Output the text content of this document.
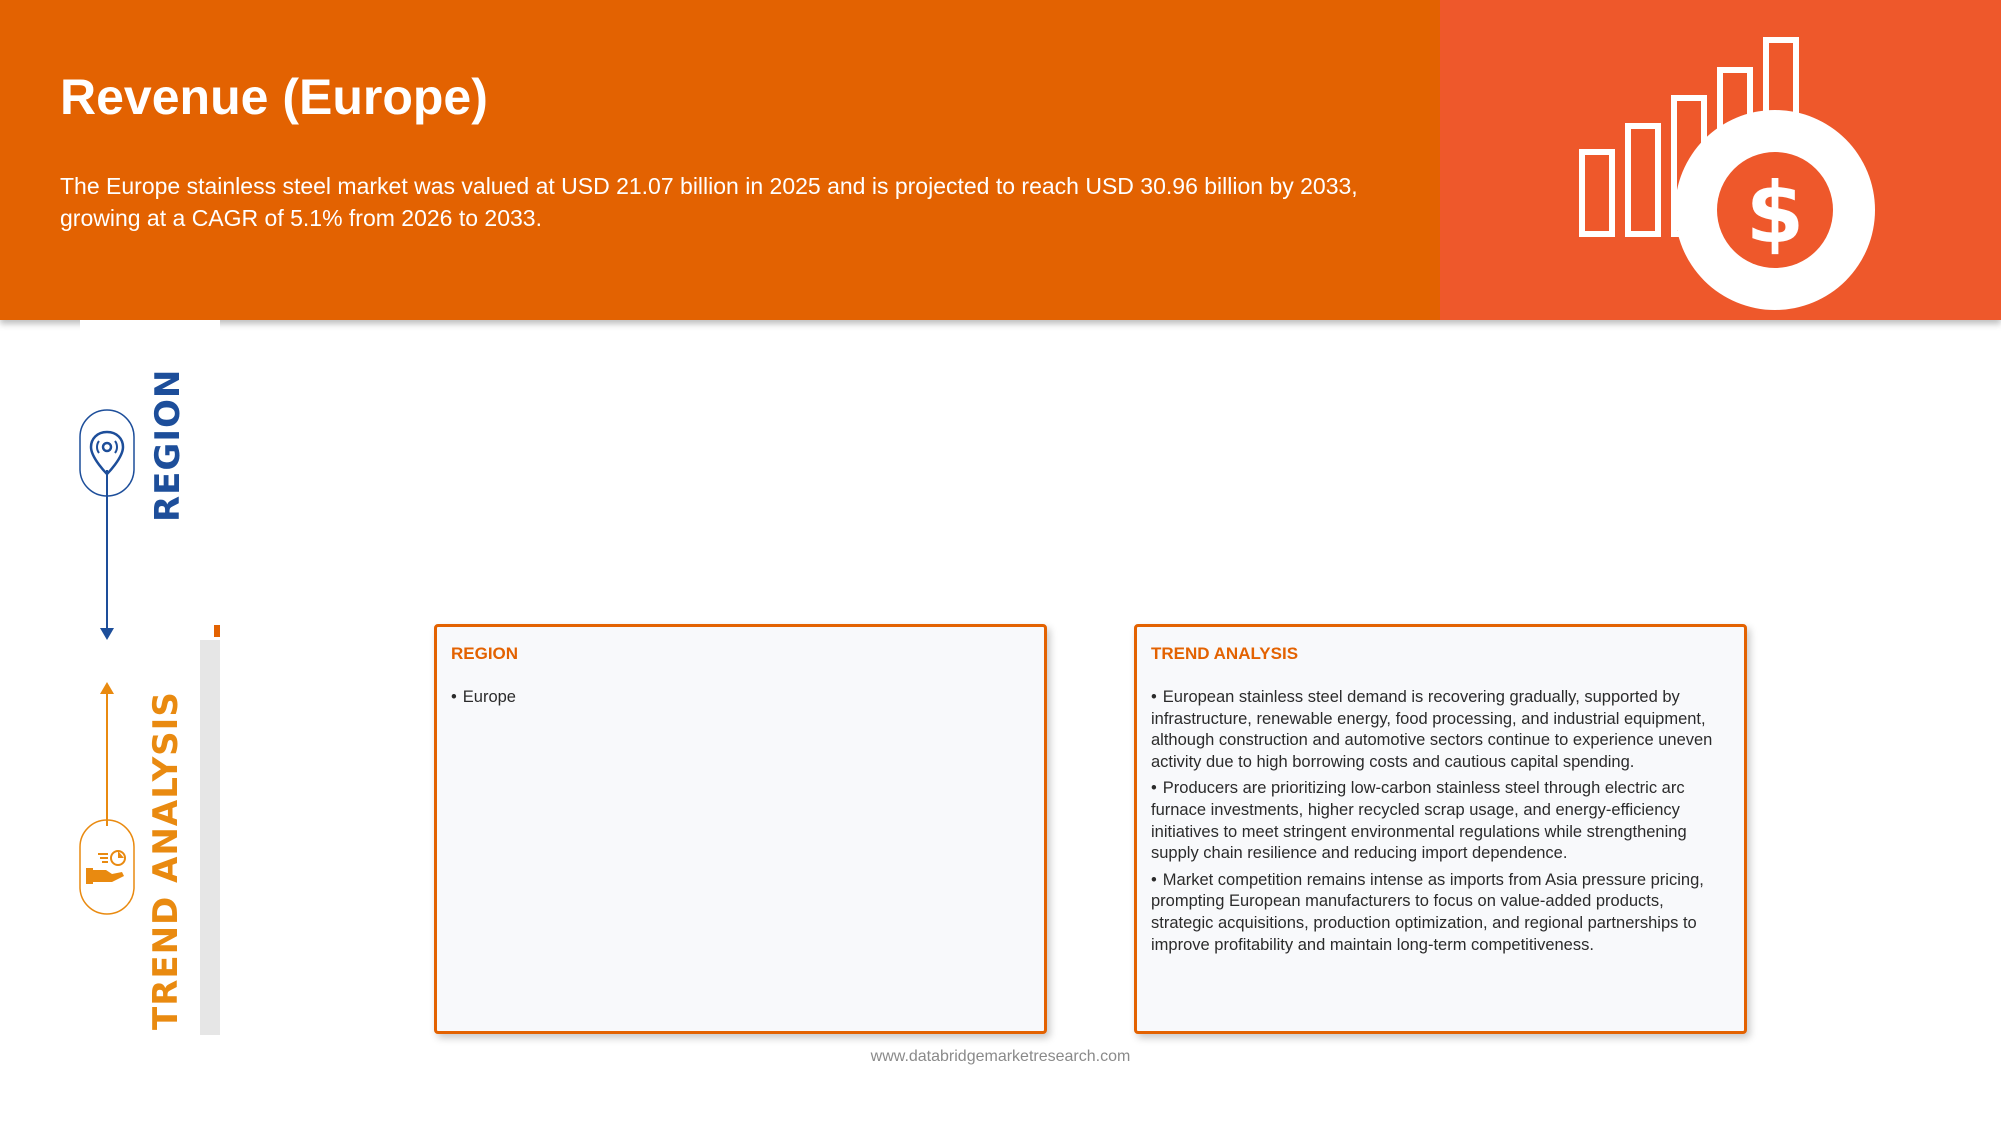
Revenue (Europe)

The Europe stainless steel market was valued at USD 21.07 billion in 2025 and is projected to reach USD 30.96 billion by 2033, growing at a CAGR of 5.1% from 2026 to 2033.	$
REGION
TREND ANALYSIS
REGION
• Europe
TREND ANALYSIS
• European stainless steel demand is recovering gradually, supported by infrastructure, renewable energy, food processing, and industrial equipment, although construction and automotive sectors continue to experience uneven activity due to high borrowing costs and cautious capital spending.
• Producers are prioritizing low-carbon stainless steel through electric arc furnace investments, higher recycled scrap usage, and energy-efficiency initiatives to meet stringent environmental regulations while strengthening supply chain resilience and reducing import dependence.
• Market competition remains intense as imports from Asia pressure pricing, prompting European manufacturers to focus on value-added products, strategic acquisitions, production optimization, and regional partnerships to improve profitability and maintain long-term competitiveness.
www.databridgemarketresearch.com
